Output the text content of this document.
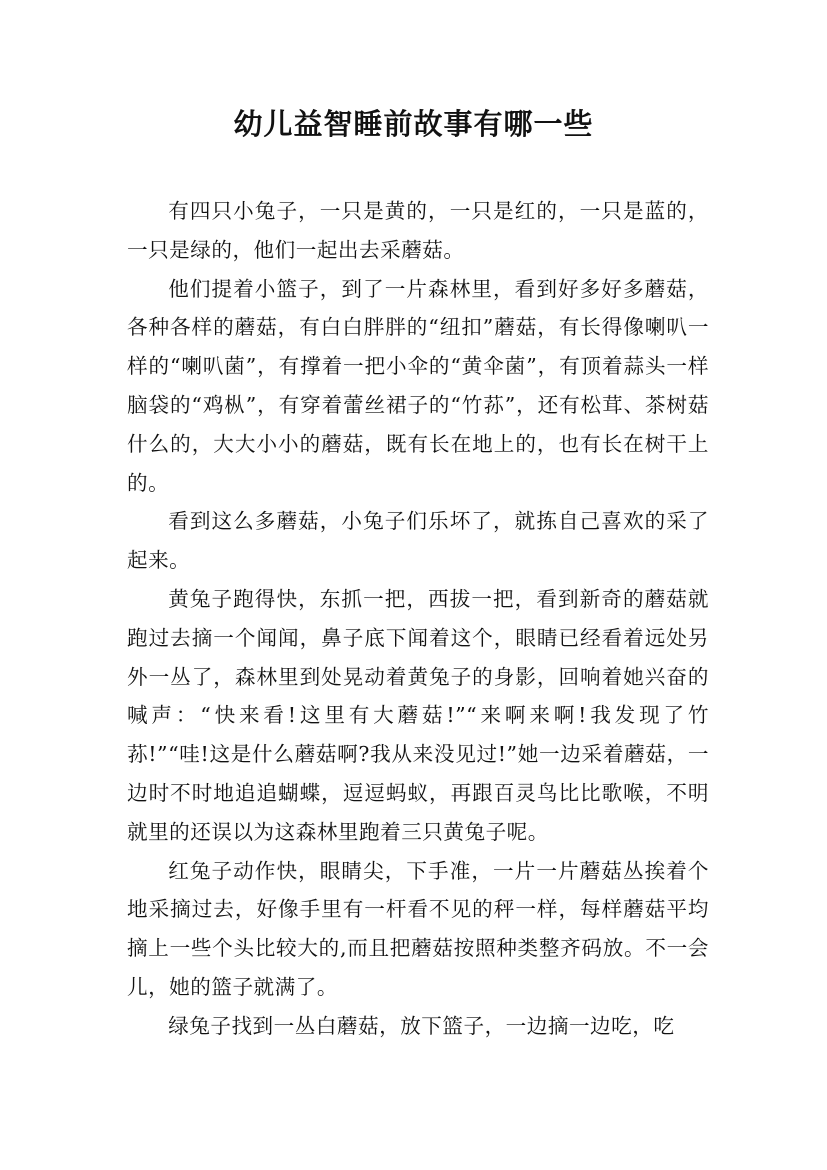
幼儿益智睡前故事有哪一些

有四只小兔子，一只是黄的，一只是红的，一只是蓝的，一只是绿的，他们一起出去采蘑菇。

他们提着小篮子，到了一片森林里，看到好多好多蘑菇，各种各样的蘑菇，有白白胖胖的“纽扣”蘑菇，有长得像喇叭一样的“喇叭菌”，有撑着一把小伞的“黄伞菌”，有顶着蒜头一样脑袋的“鸡枞”，有穿着蕾丝裙子的“竹荪”，还有松茸、茶树菇什么的，大大小小的蘑菇，既有长在地上的，也有长在树干上的。

看到这么多蘑菇，小兔子们乐坏了，就拣自己喜欢的采了起来。

黄兔子跑得快，东抓一把，西拔一把，看到新奇的蘑菇就跑过去摘一个闻闻，鼻子底下闻着这个，眼睛已经看着远处另外一丛了，森林里到处晃动着黄兔子的身影，回响着她兴奋的喊声：“快来看!这里有大蘑菇!”“来啊来啊!我发现了竹荪!”“哇!这是什么蘑菇啊?我从来没见过!”她一边采着蘑菇，一边时不时地追追蝴蝶，逗逗蚂蚁，再跟百灵鸟比比歌喉，不明就里的还误以为这森林里跑着三只黄兔子呢。

红兔子动作快，眼睛尖，下手准，一片一片蘑菇丛挨着个地采摘过去，好像手里有一杆看不见的秤一样，每样蘑菇平均摘上一些个头比较大的,而且把蘑菇按照种类整齐码放。不一会儿，她的篮子就满了。

绿兔子找到一丛白蘑菇，放下篮子，一边摘一边吃，吃
